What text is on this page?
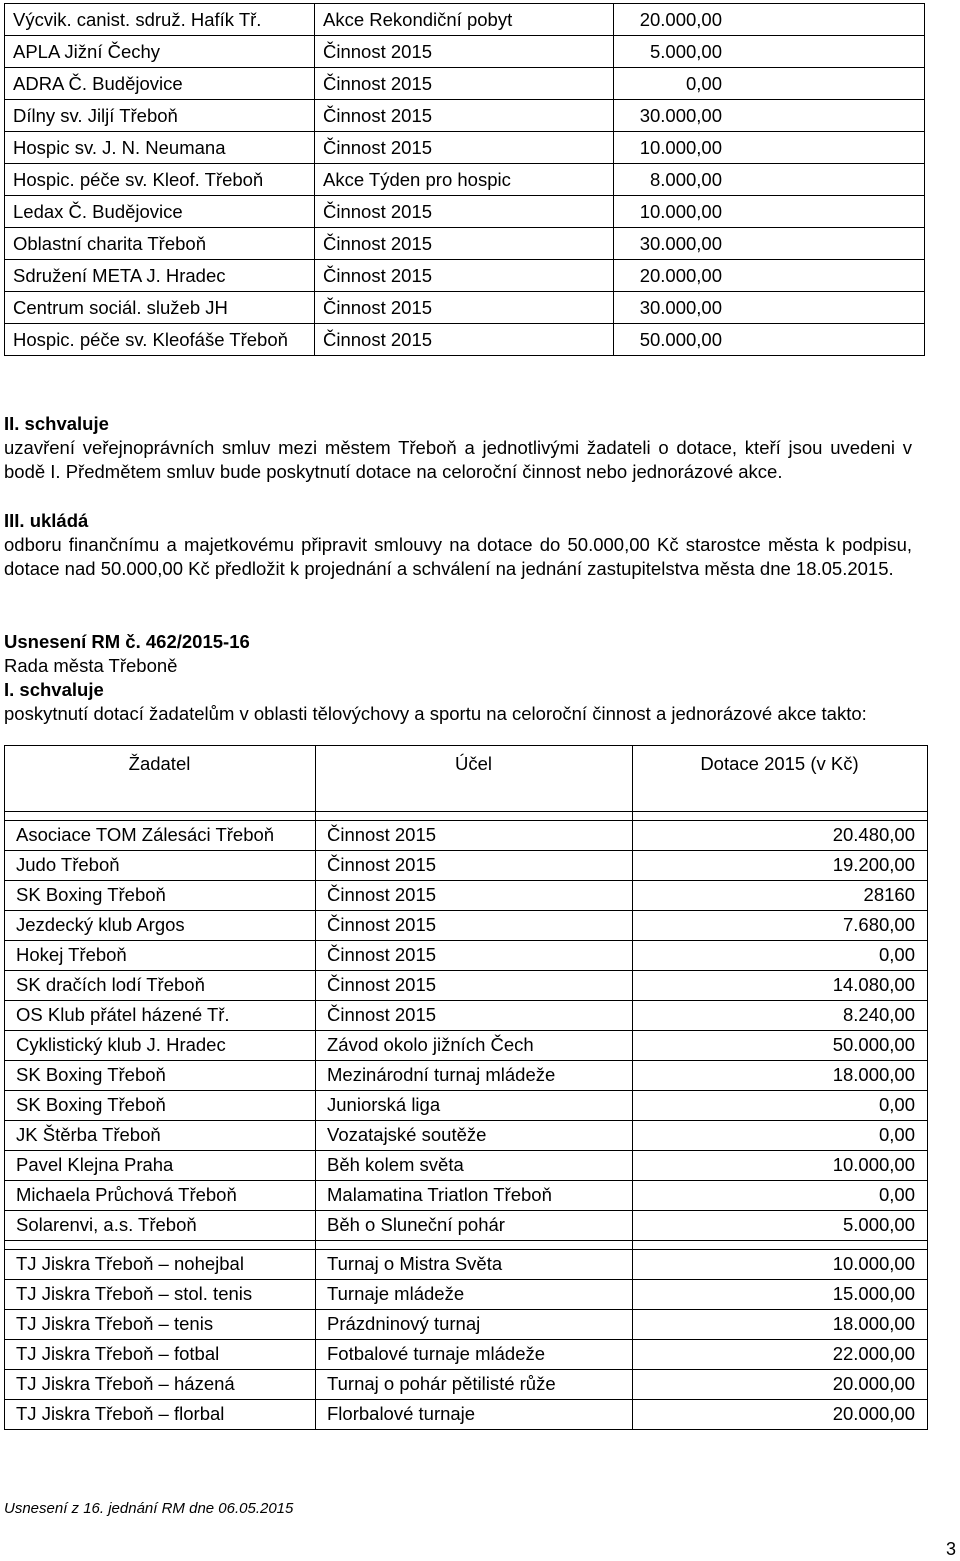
Výcvik. canist. sdruž. Hafík Tř.	Akce Rekondiční pobyt	20.000,00
APLA Jižní Čechy	Činnost 2015	5.000,00
ADRA Č. Budějovice	Činnost 2015	0,00
Dílny sv. Jiljí Třeboň	Činnost 2015	30.000,00
Hospic sv. J. N. Neumana	Činnost 2015	10.000,00
Hospic. péče sv. Kleof. Třeboň	Akce Týden pro hospic	8.000,00
Ledax Č. Budějovice	Činnost 2015	10.000,00
Oblastní charita Třeboň	Činnost 2015	30.000,00
Sdružení META J. Hradec	Činnost 2015	20.000,00
Centrum sociál. služeb JH	Činnost 2015	30.000,00
Hospic. péče sv. Kleofáše Třeboň	Činnost 2015	50.000,00
II. schvaluje
uzavření veřejnoprávních smluv mezi městem Třeboň a jednotlivými žadateli o dotace, kteří jsou uvedeni v bodě I. Předmětem smluv bude poskytnutí dotace na celoroční činnost nebo jednorázové akce.
III. ukládá
odboru finančnímu a majetkovému připravit smlouvy na dotace do 50.000,00 Kč starostce města k podpisu, dotace nad 50.000,00 Kč předložit k projednání a schválení na jednání zastupitelstva města dne 18.05.2015.
Usnesení RM č. 462/2015-16
Rada města Třeboně
I. schvaluje
poskytnutí dotací žadatelům v oblasti tělovýchovy a sportu na celoroční činnost a jednorázové akce takto:
Žadatel	Účel	Dotace 2015 (v Kč)

Asociace TOM Zálesáci Třeboň	Činnost 2015	20.480,00
Judo Třeboň	Činnost 2015	19.200,00
SK Boxing Třeboň	Činnost 2015	28160
Jezdecký klub Argos	Činnost 2015	7.680,00
Hokej Třeboň	Činnost 2015	0,00
SK dračích lodí Třeboň	Činnost 2015	14.080,00
OS Klub přátel házené Tř.	Činnost 2015	8.240,00
Cyklistický klub J. Hradec	Závod okolo jižních Čech	50.000,00
SK Boxing Třeboň	Mezinárodní turnaj mládeže	18.000,00
SK Boxing Třeboň	Juniorská liga	0,00
JK Štěrba Třeboň	Vozatajské soutěže	0,00
Pavel Klejna Praha	Běh kolem světa	10.000,00
Michaela Průchová Třeboň	Malamatina Triatlon Třeboň	0,00
Solarenvi, a.s. Třeboň	Běh o Sluneční pohár	5.000,00

TJ Jiskra Třeboň – nohejbal	Turnaj o Mistra Světa	10.000,00
TJ Jiskra Třeboň – stol. tenis	Turnaje mládeže	15.000,00
TJ Jiskra Třeboň – tenis	Prázdninový turnaj	18.000,00
TJ Jiskra Třeboň – fotbal	Fotbalové turnaje mládeže	22.000,00
TJ Jiskra Třeboň – házená	Turnaj o pohár pětilisté růže	20.000,00
TJ Jiskra Třeboň – florbal	Florbalové turnaje	20.000,00
Usnesení z 16. jednání RM dne 06.05.2015
3
